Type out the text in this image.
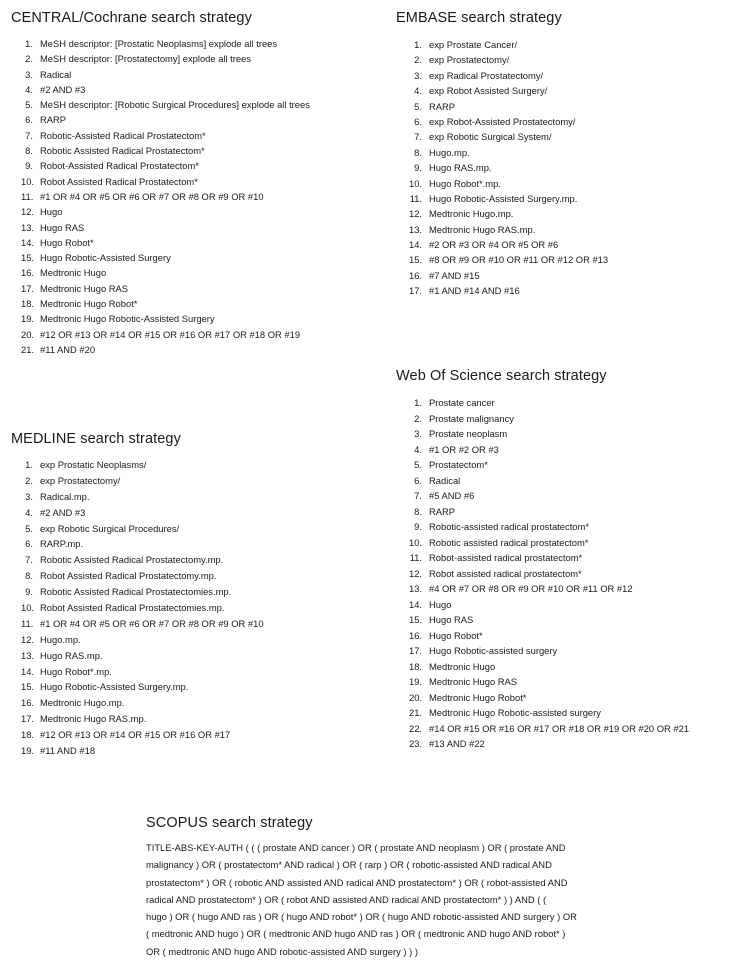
CENTRAL/Cochrane search strategy
1. MeSH descriptor: [Prostatic Neoplasms] explode all trees
2. MeSH descriptor: [Prostatectomy] explode all trees
3. Radical
4. #2 AND #3
5. MeSH descriptor: [Robotic Surgical Procedures] explode all trees
6. RARP
7. Robotic-Assisted Radical Prostatectom*
8. Robotic Assisted Radical Prostatectom*
9. Robot-Assisted Radical Prostatectom*
10. Robot Assisted Radical Prostatectom*
11. #1 OR #4 OR #5 OR #6 OR #7 OR #8 OR #9 OR #10
12. Hugo
13. Hugo RAS
14. Hugo Robot*
15. Hugo Robotic-Assisted Surgery
16. Medtronic Hugo
17. Medtronic Hugo RAS
18. Medtronic Hugo Robot*
19. Medtronic Hugo Robotic-Assisted Surgery
20. #12 OR #13 OR #14 OR #15 OR #16 OR #17 OR #18 OR #19
21. #11 AND #20
EMBASE search strategy
1. exp Prostate Cancer/
2. exp Prostatectomy/
3. exp Radical Prostatectomy/
4. exp Robot Assisted Surgery/
5. RARP
6. exp Robot-Assisted Prostatectomy/
7. exp Robotic Surgical System/
8. Hugo.mp.
9. Hugo RAS.mp.
10. Hugo Robot*.mp.
11. Hugo Robotic-Assisted Surgery.mp.
12. Medtronic Hugo.mp.
13. Medtronic Hugo RAS.mp.
14. #2 OR #3 OR #4 OR #5 OR #6
15. #8 OR #9 OR #10 OR #11 OR #12 OR #13
16. #7 AND #15
17. #1 AND #14 AND #16
Web Of Science search strategy
1. Prostate cancer
2. Prostate malignancy
3. Prostate neoplasm
4. #1 OR #2 OR #3
5. Prostatectom*
6. Radical
7. #5 AND #6
8. RARP
9. Robotic-assisted radical prostatectom*
10. Robotic assisted radical prostatectom*
11. Robot-assisted radical prostatectom*
12. Robot assisted radical prostatectom*
13. #4 OR #7 OR #8 OR #9 OR #10 OR #11 OR #12
14. Hugo
15. Hugo RAS
16. Hugo Robot*
17. Hugo Robotic-assisted surgery
18. Medtronic Hugo
19. Medtronic Hugo RAS
20. Medtronic Hugo Robot*
21. Medtronic Hugo Robotic-assisted surgery
22. #14 OR #15 OR #16 OR #17 OR #18 OR #19 OR #20 OR #21
23. #13 AND #22
MEDLINE search strategy
1. exp Prostatic Neoplasms/
2. exp Prostatectomy/
3. Radical.mp.
4. #2 AND #3
5. exp Robotic Surgical Procedures/
6. RARP.mp.
7. Robotic Assisted Radical Prostatectomy.mp.
8. Robot Assisted Radical Prostatectomy.mp.
9. Robotic Assisted Radical Prostatectomies.mp.
10. Robot Assisted Radical Prostatectomies.mp.
11. #1 OR #4 OR #5 OR #6 OR #7 OR #8 OR #9 OR #10
12. Hugo.mp.
13. Hugo RAS.mp.
14. Hugo Robot*.mp.
15. Hugo Robotic-Assisted Surgery.mp.
16. Medtronic Hugo.mp.
17. Medtronic Hugo RAS.mp.
18. #12 OR #13 OR #14 OR #15 OR #16 OR #17
19. #11 AND #18
SCOPUS search strategy

TITLE-ABS-KEY-AUTH ( ( ( prostate AND cancer ) OR ( prostate AND neoplasm ) OR ( prostate AND

malignancy ) OR ( prostatectom* AND radical ) OR ( rarp ) OR ( robotic-assisted AND radical AND

prostatectom* ) OR ( robotic AND assisted AND radical AND prostatectom* ) OR ( robot-assisted AND

radical AND prostatectom* ) OR ( robot AND assisted AND radical AND prostatectom* ) ) AND ( (

hugo ) OR ( hugo AND ras ) OR ( hugo AND robot* ) OR ( hugo AND robotic-assisted AND surgery ) OR

( medtronic AND hugo ) OR ( medtronic AND hugo AND ras ) OR ( medtronic AND hugo AND robot* )

OR ( medtronic AND hugo AND robotic-assisted AND surgery ) ) )
